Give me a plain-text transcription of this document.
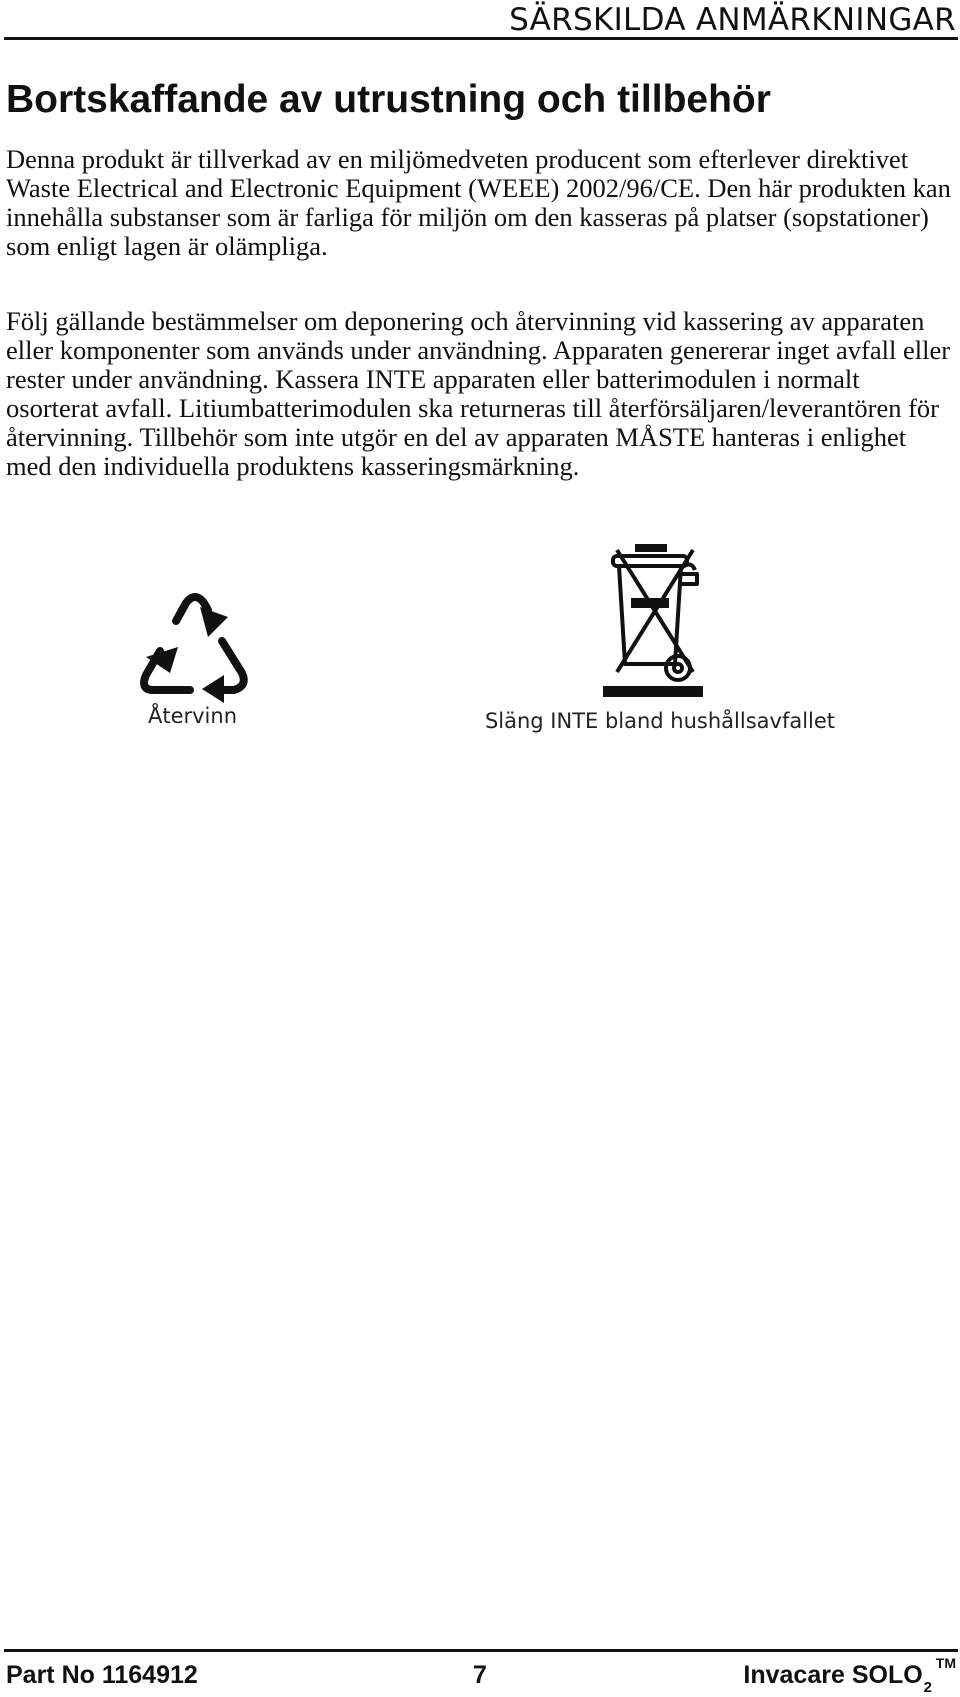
SÄRSKILDA ANMÄRKNINGAR
Bortskaffande av utrustning och tillbehör

Denna produkt är tillverkad av en miljömedveten producent som efterlever direktivet Waste Electrical and Electronic Equipment (WEEE) 2002/96/CE. Den här produkten kan innehålla substanser som är farliga för miljön om den kasseras på platser (sopstationer) som enligt lagen är olämpliga.

Följ gällande bestämmelser om deponering och återvinning vid kassering av apparaten eller komponenter som används under användning. Apparaten genererar inget avfall eller rester under användning. Kassera INTE apparaten eller batterimodulen i normalt osorterat avfall. Litiumbatterimodulen ska returneras till återförsäljaren/leverantören för återvinning. Tillbehör som inte utgör en del av apparaten MÅSTE hanteras i enlighet med den individuella produktens kasseringsmärkning.

Återvinn	Släng INTE bland hushållsavfallet
Part No 1164912	7	Invacare $SOLO_2$
TM
